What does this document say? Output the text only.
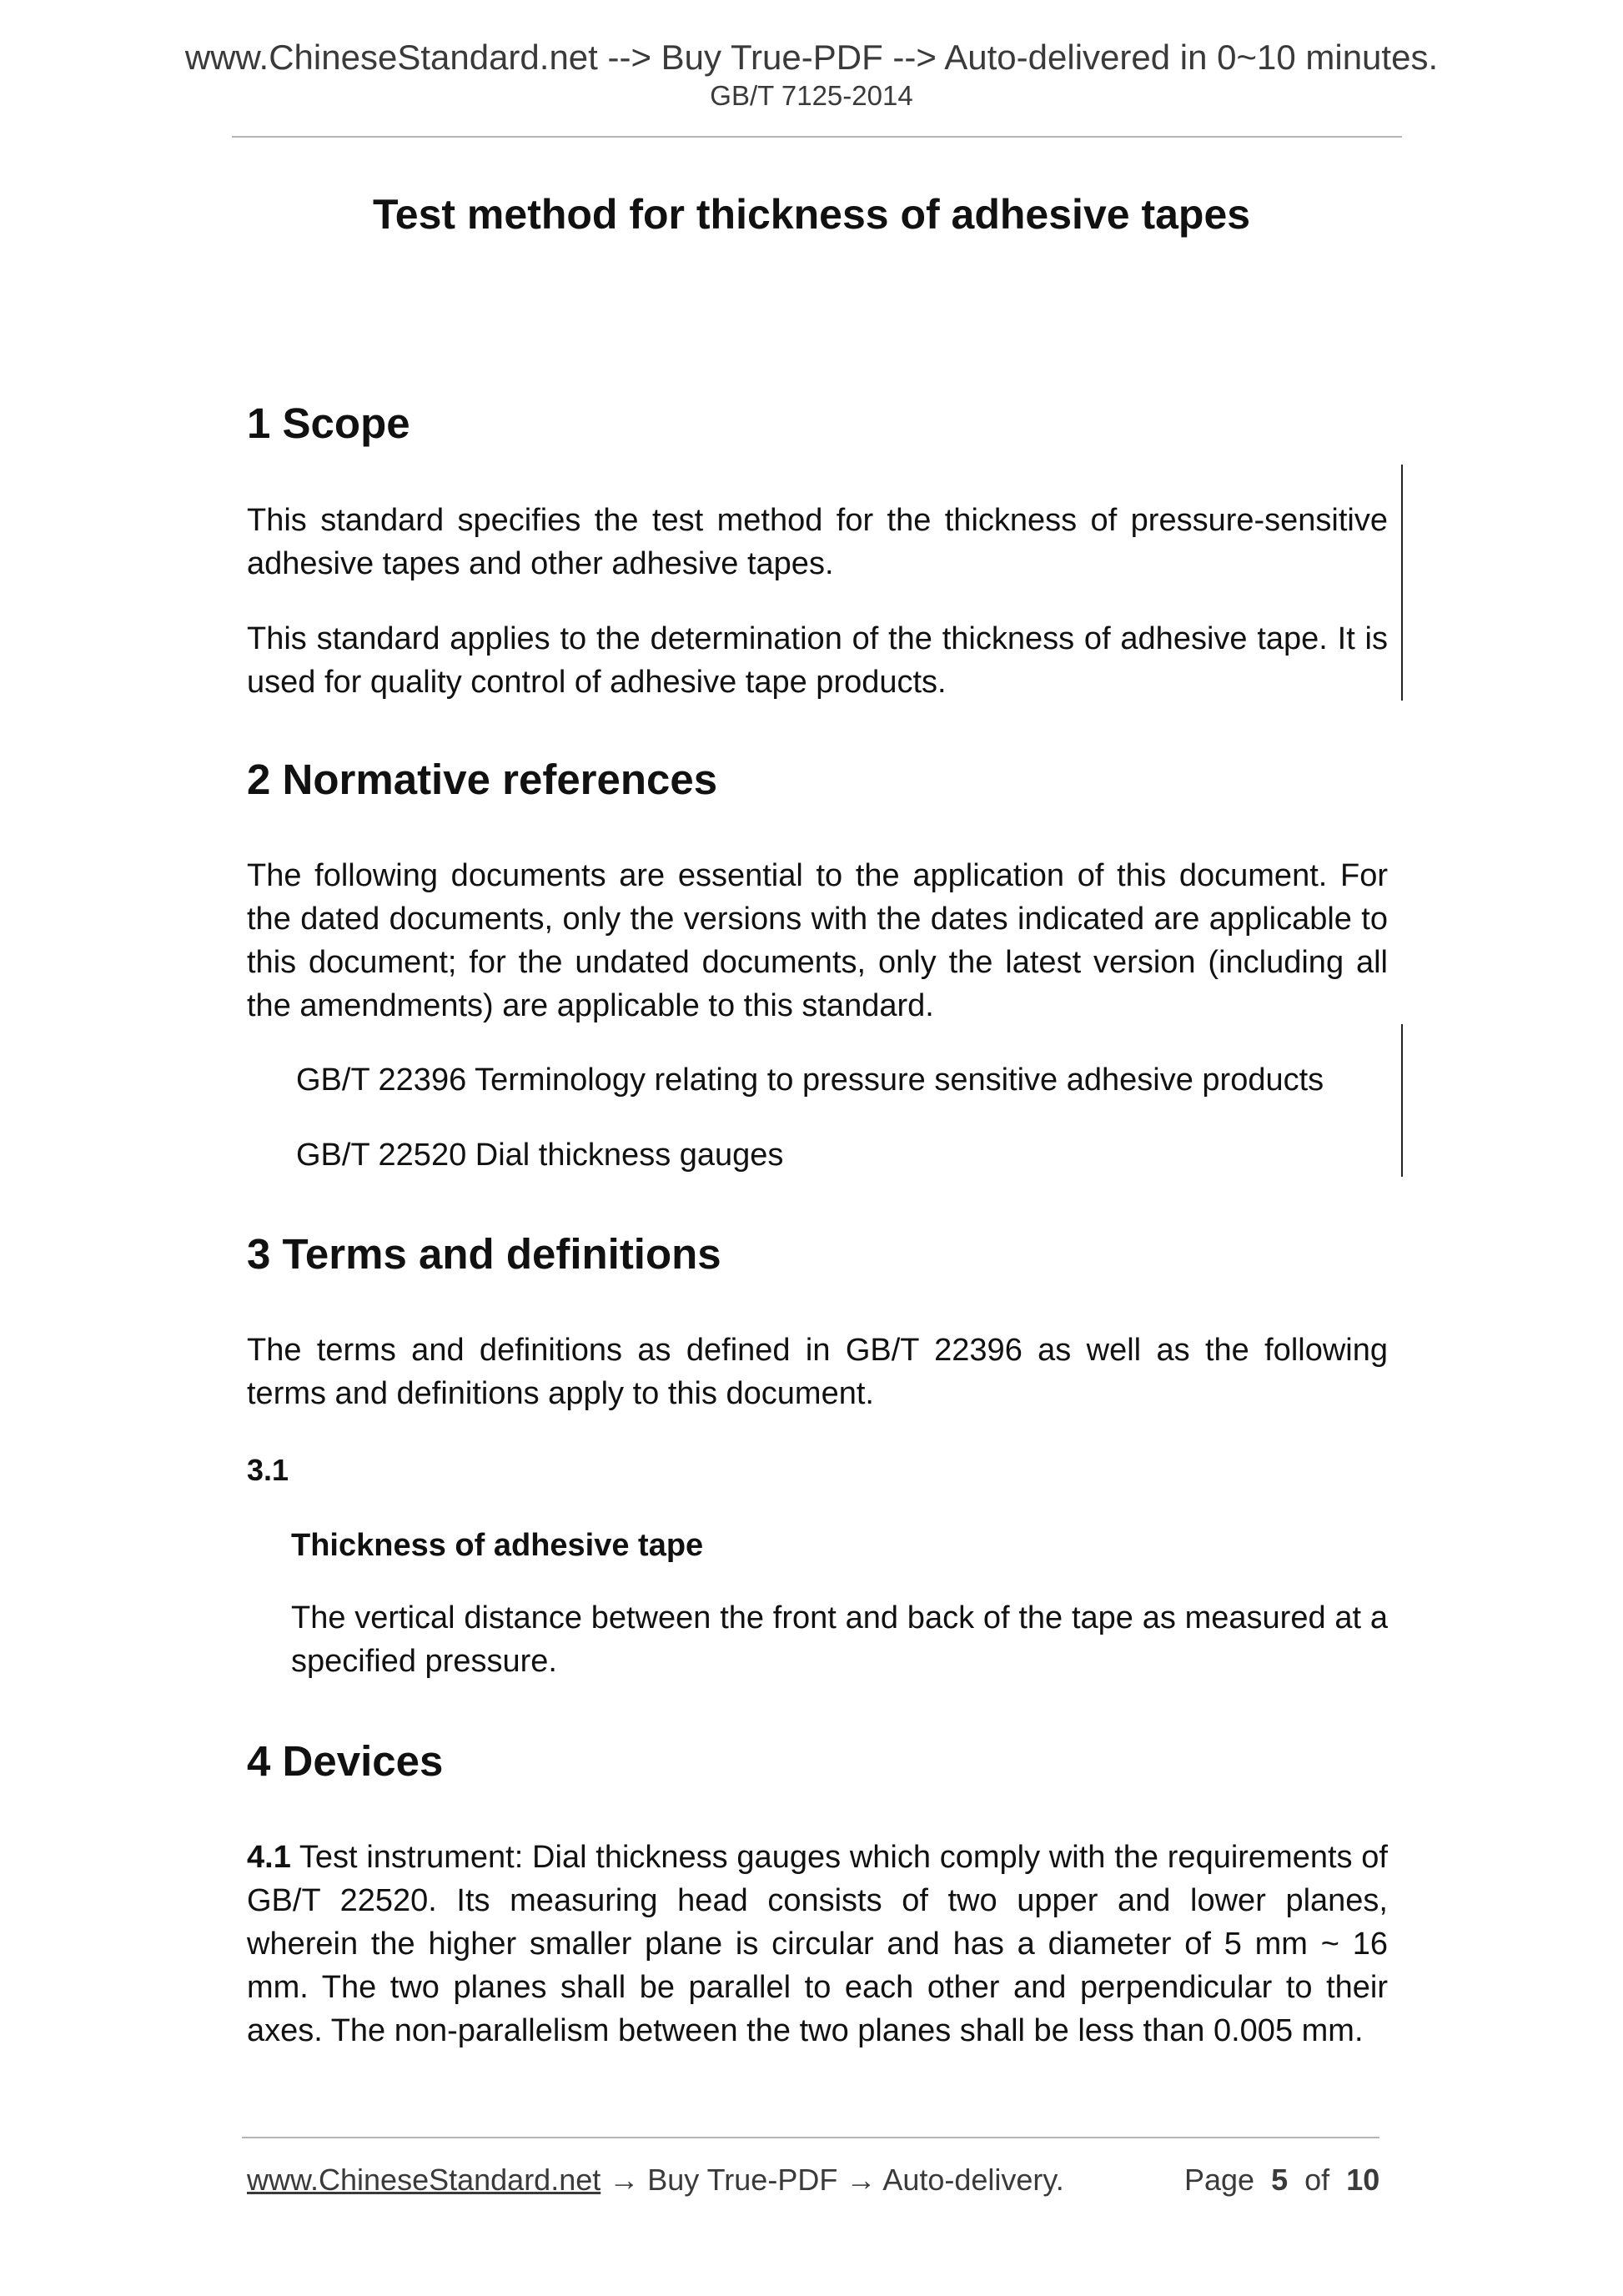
www.ChineseStandard.net --> Buy True-PDF --> Auto-delivered in 0~10 minutes.
GB/T 7125-2014
Test method for thickness of adhesive tapes
1 Scope
This standard specifies the test method for the thickness of pressure-sensitive adhesive tapes and other adhesive tapes.
This standard applies to the determination of the thickness of adhesive tape. It is used for quality control of adhesive tape products.
2 Normative references
The following documents are essential to the application of this document. For the dated documents, only the versions with the dates indicated are applicable to this document; for the undated documents, only the latest version (including all the amendments) are applicable to this standard.
GB/T 22396 Terminology relating to pressure sensitive adhesive products
GB/T 22520 Dial thickness gauges
3 Terms and definitions
The terms and definitions as defined in GB/T 22396 as well as the following terms and definitions apply to this document.
3.1
Thickness of adhesive tape
The vertical distance between the front and back of the tape as measured at a specified pressure.
4 Devices
4.1 Test instrument: Dial thickness gauges which comply with the requirements of GB/T 22520. Its measuring head consists of two upper and lower planes, wherein the higher smaller plane is circular and has a diameter of 5 mm ~ 16 mm. The two planes shall be parallel to each other and perpendicular to their axes. The non-parallelism between the two planes shall be less than 0.005 mm.
www.ChineseStandard.net → Buy True-PDF → Auto-delivery.	Page 5 of 10
